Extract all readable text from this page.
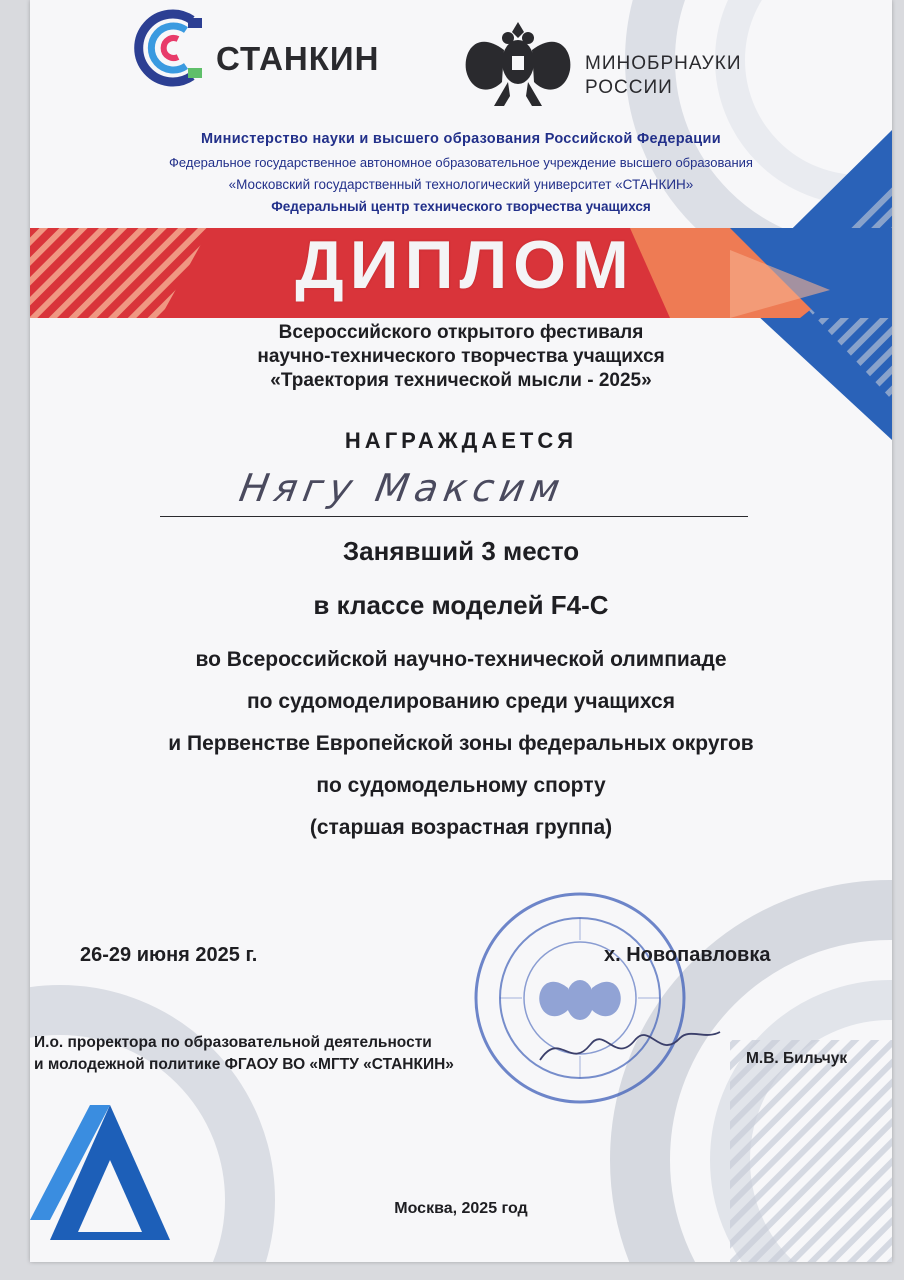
СТАНКИН	МИНОБРНАУКИ
РОССИИ
Министерство науки и высшего образования Российской Федерации
Федеральное государственное автономное образовательное учреждение высшего образования
«Московский государственный технологический университет «СТАНКИН»
Федеральный центр технического творчества учащихся
ДИПЛОМ
Всероссийского открытого фестиваля
научно-технического творчества учащихся
«Траектория технической мысли - 2025»
НАГРАЖДАЕТСЯ
Нягу Максим
Занявший 3 место
в классе моделей F4-С
во Всероссийской научно-технической олимпиаде
по судомоделированию среди учащихся
и Первенстве Европейской зоны федеральных округов
по судомодельному спорту
(старшая возрастная группа)
26-29 июня 2025 г.	х. Новопавловка
И.о. проректора по образовательной деятельности
и молодежной политике ФГАОУ ВО «МГТУ «СТАНКИН»	М.В. Бильчук
Москва, 2025 год
